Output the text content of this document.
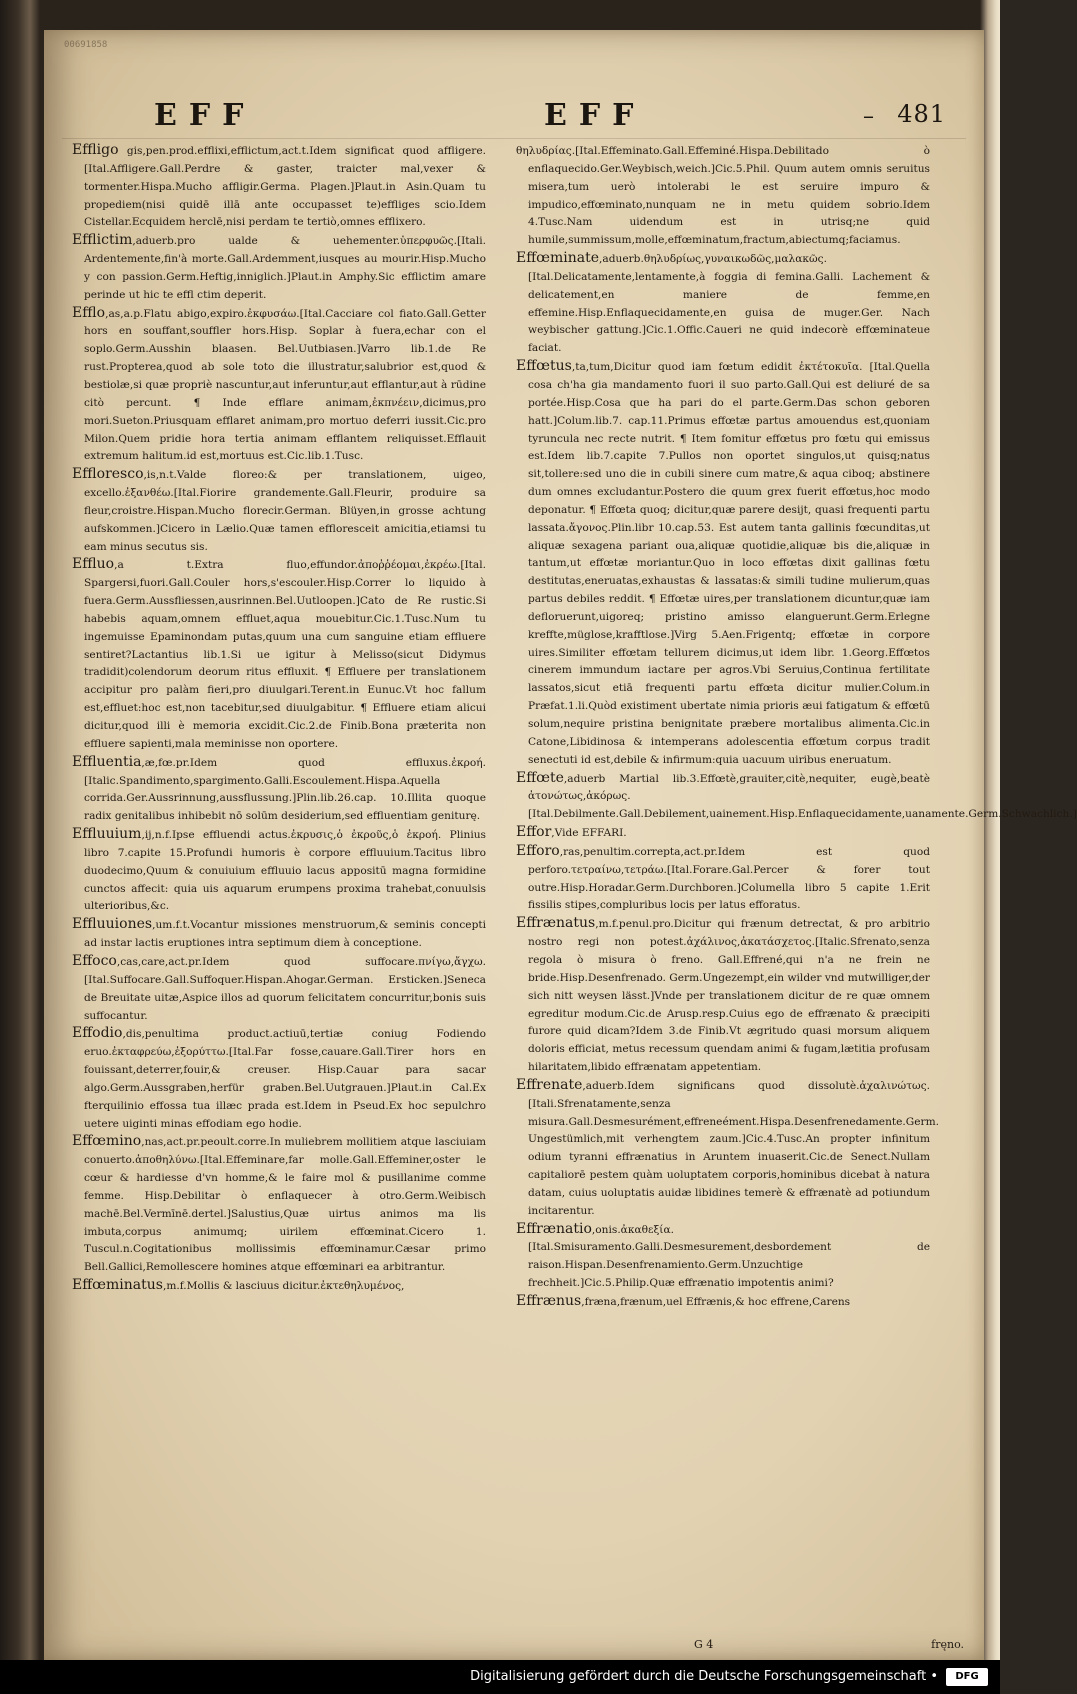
00691858
EFF	EFF	– 481

Effligo gis,pen.prod.efflixi,efflictum,act.t.Idem significat quod affligere.[Ital.Affligere.Gall.Perdre & gaster, traicter mal,vexer & tormenter.Hispa.Mucho affligir.Germa. Plagen.]Plaut.in Asin.Quam tu propediem(nisi quidē illā ante occupasset te)effliges scio.Idem Cistellar.Ecquidem herclē,nisi perdam te tertiò,omnes efflixero.

Efflictim,aduerb.pro ualde & uehementer.ὑπερφυῶς.[Itali. Ardentemente,fin'à morte.Gall.Ardemment,iusques au mourir.Hisp.Mucho y con passion.Germ.Heftig,inniglich.]Plaut.in Amphy.Sic efflictim amare perinde ut hic te effl ctim deperit.

Efflo,as,a.p.Flatu abigo,expiro.ἐκφυσάω.[Ital.Cacciare col fiato.Gall.Getter hors en souffant,souffler hors.Hisp. Soplar à fuera,echar con el soplo.Germ.Ausshin blaasen. Bel.Uutbiasen.]Varro lib.1.de Re rust.Propterea,quod ab sole toto die illustratur,salubrior est,quod & bestiolæ,si quæ propriè nascuntur,aut inferuntur,aut efflantur,aut à rūdine citò percunt. ¶ Inde efflare animam,ἐκπνέειν,dicimus,pro mori.Sueton.Priusquam efflaret animam,pro mortuo deferri iussit.Cic.pro Milon.Quem pridie hora tertia animam efflantem reliquisset.Efflauit extremum halitum.id est,mortuus est.Cic.lib.1.Tusc.

Effloresco,is,n.t.Valde floreo:& per translationem, uigeo, excello.ἐξανθέω.[Ital.Fiorire grandemente.Gall.Fleurir, produire sa fleur,croistre.Hispan.Mucho florecir.German. Blüyen,in grosse achtung aufskommen.]Cicero in Lælio.Quæ tamen effloresceit amicitia,etiamsi tu eam minus secutus sis.

Effluo,a t.Extra fluo,effundor.ἀποῤῥέομαι,ἐκρέω.[Ital. Spargersi,fuori.Gall.Couler hors,s'escouler.Hisp.Correr lo liquido à fuera.Germ.Aussfliessen,ausrinnen.Bel.Uutloopen.]Cato de Re rustic.Si habebis aquam,omnem effluet,aqua mouebitur.Cic.1.Tusc.Num tu ingemuisse Epaminondam putas,quum una cum sanguine etiam effluere sentiret?Lactantius lib.1.Si ue igitur à Melisso(sicut Didymus tradidit)colendorum deorum ritus effluxit. ¶ Effluere per translationem accipitur pro palàm fieri,pro diuulgari.Terent.in Eunuc.Vt hoc fallum est,effluet:hoc est,non tacebitur,sed diuulgabitur. ¶ Effluere etiam alicui dicitur,quod illi è memoria excidit.Cic.2.de Finib.Bona præterita non effluere sapienti,mala meminisse non oportere.

Effluentia,æ,fœ.pr.Idem quod effluxus.ἐκροή.[Italic.Spandimento,spargimento.Galli.Escoulement.Hispa.Aquella corrida.Ger.Aussrinnung,aussflussung.]Plin.lib.26.cap. 10.Illita quoque radix genitalibus inhibebit nō solūm desiderium,sed effluentiam geniturę.

Effluuium,ij,n.f.Ipse effluendi actus.ἐκρυσις,ὁ ἐκροῦς,ὁ ἐκροή. Plinius libro 7.capite 15.Profundi humoris è corpore effluuium.Tacitus libro duodecimo,Quum & conuiuium effluuio lacus appositū magna formidine cunctos affecit: quia uis aquarum erumpens proxima trahebat,conuulsis ulterioribus,&c.

Effluuiones,um.f.t.Vocantur missiones menstruorum,& seminis concepti ad instar lactis eruptiones intra septimum diem à conceptione.

Effoco,cas,care,act.pr.Idem quod suffocare.πνίγω,ἄγχω. [Ital.Suffocare.Gall.Suffoquer.Hispan.Ahogar.German. Ersticken.]Seneca de Breuitate uitæ,Aspice illos ad quorum felicitatem concurritur,bonis suis suffocantur.

Effodio,dis,penultima product.actiuū,tertiæ coniug Fodiendo eruo.ἐκταφρεύω,ἐξορύττω.[Ital.Far fosse,cauare.Gall.Tirer hors en fouissant,deterrer,fouir,& creuser. Hisp.Cauar para sacar algo.Germ.Aussgraben,herfür graben.Bel.Uutgrauen.]Plaut.in Cal.Ex fterquilinio effossa tua illæc prada est.Idem in Pseud.Ex hoc sepulchro uetere uiginti minas effodiam ego hodie.

Effœmino,nas,act.pr.peoult.corre.In muliebrem mollitiem atque lasciuiam conuerto.ἀποθηλύνω.[Ital.Effeminare,far molle.Gall.Effeminer,oster le cœur & hardiesse d'vn homme,& le faire mol & pusillanime comme femme. Hisp.Debilitar ò enflaquecer à otro.Germ.Weibisch machē.Bel.Vermīnē.dertel.]Salustius,Quæ uirtus animos ma lis imbuta,corpus animumq; uirilem effœminat.Cicero 1. Tuscul.n.Cogitationibus mollissimis effœminamur.Cæsar primo Bell.Gallici,Remollescere homines atque effœminari ea arbitrantur.

Effœminatus,m.f.Mollis & lasciuus dicitur.ἐκτεθηλυμένος,

θηλυδρίας.[Ital.Effeminato.Gall.Effeminé.Hispa.Debilitado ò enflaquecido.Ger.Weybisch,weich.]Cic.5.Phil. Quum autem omnis seruitus misera,tum uerò intolerabi le est seruire impuro & impudico,effœminato,nunquam ne in metu quidem sobrio.Idem 4.Tusc.Nam uidendum est in utrisq;ne quid humile,summissum,molle,effœminatum,fractum,abiectumq;faciamus.

Effœminate,aduerb.θηλυδρίως,γυναικωδῶς,μαλακῶς. [Ital.Delicatamente,lentamente,à foggia di femina.Galli. Lachement & delicatement,en maniere de femme,en effemine.Hisp.Enflaquecidamente,en guisa de muger.Ger. Nach weybischer gattung.]Cic.1.Offic.Caueri ne quid indecorè effœminateue faciat.

Effœtus,ta,tum,Dicitur quod iam fœtum edidit ἐκτέτοκυῖα. [Ital.Quella cosa ch'ha gia mandamento fuori il suo parto.Gall.Qui est deliuré de sa portée.Hisp.Cosa que ha pari do el parte.Germ.Das schon geboren hatt.]Colum.lib.7. cap.11.Primus effœtæ partus amouendus est,quoniam tyruncula nec recte nutrit. ¶ Item fomitur effœtus pro fœtu qui emissus est.Idem lib.7.capite 7.Pullos non oportet singulos,ut quisq;natus sit,tollere:sed uno die in cubili sinere cum matre,& aqua ciboq; abstinere dum omnes excludantur.Postero die quum grex fuerit effœtus,hoc modo deponatur. ¶ Effœta quoq; dicitur,quæ parere desijt, quasi frequenti partu lassata.ἄγονος.Plin.libr 10.cap.53. Est autem tanta gallinis fœcunditas,ut aliquæ sexagena pariant oua,aliquæ quotidie,aliquæ bis die,aliquæ in tantum,ut effœtæ moriantur.Quo in loco effœtas dixit gallinas fœtu destitutas,eneruatas,exhaustas & lassatas:& simili tudine mulierum,quas partus debiles reddit. ¶ Effœtæ uires,per translationem dicuntur,quæ iam defloruerunt,uigoreq; pristino amisso elanguerunt.Germ.Erlegne kreffte,müglose,krafftlose.]Virg 5.Aen.Frigentq; effœtæ in corpore uires.Similiter effœtam tellurem dicimus,ut idem libr. 1.Georg.Effœtos cinerem immundum iactare per agros.Vbi Seruius,Continua fertilitate lassatos,sicut etiā frequenti partu effœta dicitur mulier.Colum.in Præfat.1.li.Quòd existiment ubertate nimia prioris æui fatigatum & effœtū solum,nequire pristina benignitate præbere mortalibus alimenta.Cic.in Catone,Libidinosa & intemperans adolescentia effœtum corpus tradit senectuti id est,debile & infirmum:quia uacuum uiribus eneruatum.

Effœte,aduerb Martial lib.3.Effœtè,grauiter,citè,nequiter, eugè,beatè ἀτονώτως,ἀκόρως.[Ital.Debilmente.Gall.Debilement,uainement.Hisp.Enflaquecidamente,uanamente.Germ.Schwachlich.]

Effor,Vide EFFARI.

Efforo,ras,penultim.correpta,act.pr.Idem est quod perforo.τετραίνω,τετράω.[Ital.Forare.Gal.Percer & forer tout outre.Hisp.Horadar.Germ.Durchboren.]Columella libro 5 capite 1.Erit fissilis stipes,compluribus locis per latus efforatus.

Effrænatus,m.f.penul.pro.Dicitur qui frænum detrectat, & pro arbitrio nostro regi non potest.ἀχάλινος,ἀκατάσχετος.[Italic.Sfrenato,senza regola ò misura ò freno. Gall.Effrené,qui n'a ne frein ne bride.Hisp.Desenfrenado. Germ.Ungezempt,ein wilder vnd mutwilliger,der sich nitt weysen lässt.]Vnde per translationem dicitur de re quæ omnem egreditur modum.Cic.de Arusp.resp.Cuius ego de effrænato & præcipiti furore quid dicam?Idem 3.de Finib.Vt ægritudo quasi morsum aliquem doloris efficiat, metus recessum quendam animi & fugam,lætitia profusam hilaritatem,libido effrænatam appetentiam.

Effrenate,aduerb.Idem significans quod dissolutè.ἀχαλινώτως.[Itali.Sfrenatamente,senza misura.Gall.Desmesurément,effreneément.Hispa.Desenfrenedamente.Germ. Ungestümlich,mit verhengtem zaum.]Cic.4.Tusc.An propter infinitum odium tyranni effrænatius in Aruntem inuaserit.Cic.de Senect.Nullam capitaliorē pestem quàm uoluptatem corporis,hominibus dicebat à natura datam, cuius uoluptatis auidæ libidines temerè & effrænatè ad potiundum incitarentur.

Effrænatio,onis.ἀκαθεξία.[Ital.Smisuramento.Galli.Desmesurement,desbordement de raison.Hispan.Desenfrenamiento.Germ.Unzuchtige frechheit.]Cic.5.Philip.Quæ effrænatio impotentis animi?

Effrænus,fræna,frænum,uel Effrænis,& hoc effrene,Carens

G 4	fręno.
Digitalisierung gefördert durch die Deutsche Forschungsgemeinschaft •	DFG
